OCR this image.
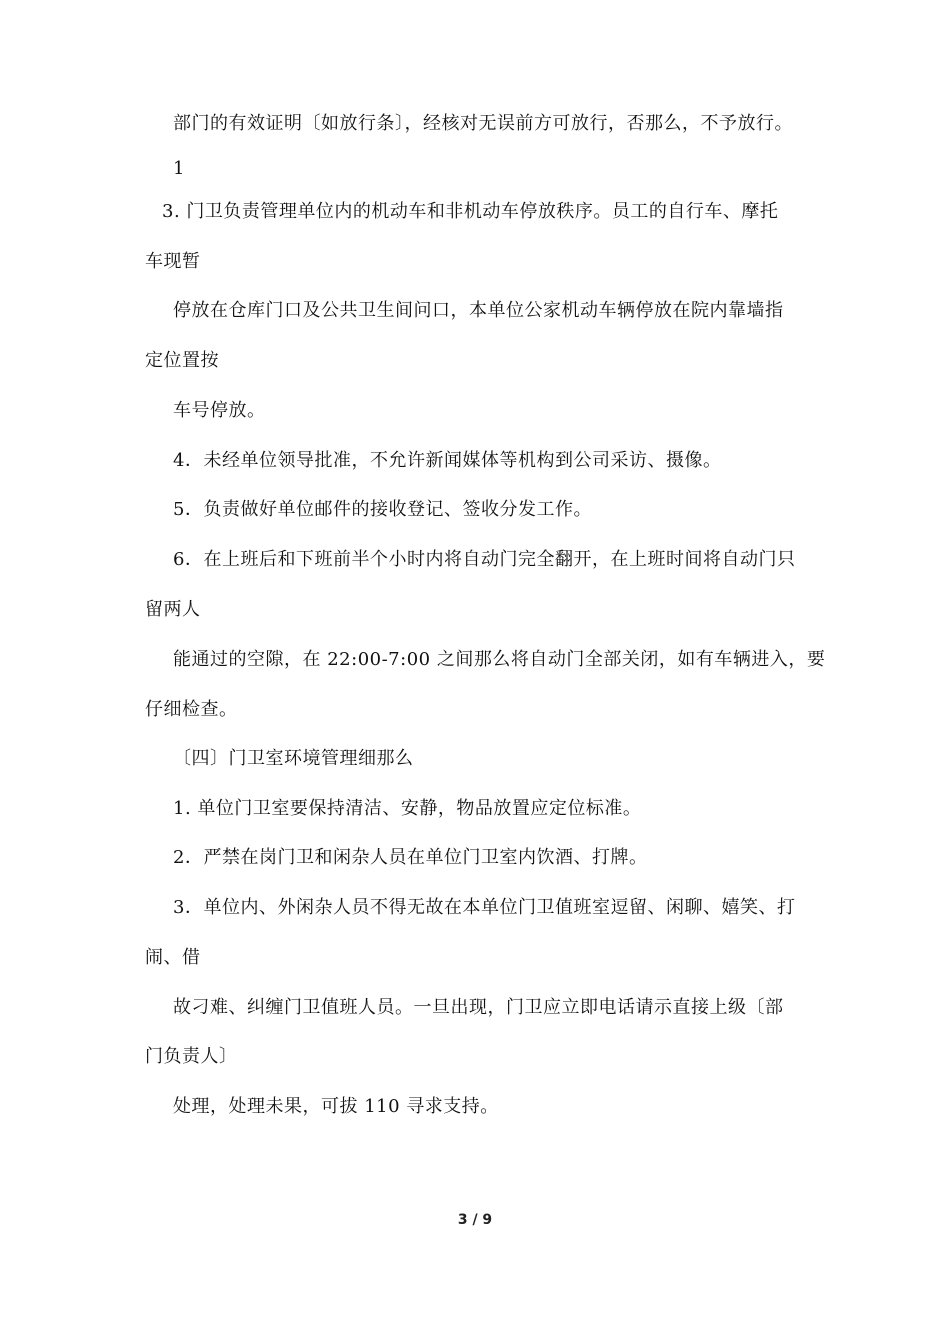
部门的有效证明〔如放行条〕，经核对无误前方可放行，否那么，不予放行。
1
3. 门卫负责管理单位内的机动车和非机动车停放秩序。员工的自行车、摩托
车现暂
停放在仓库门口及公共卫生间问口，本单位公家机动车辆停放在院内靠墙指
定位置按
车号停放。
4．未经单位领导批准，不允许新闻媒体等机构到公司采访、摄像。
5．负责做好单位邮件的接收登记、签收分发工作。
6．在上班后和下班前半个小时内将自动门完全翻开，在上班时间将自动门只
留两人
能通过的空隙，在 22:00-7:00 之间那么将自动门全部关闭，如有车辆进入，要
仔细检查。
〔四〕门卫室环境管理细那么
1. 单位门卫室要保持清洁、安静，物品放置应定位标准。
2．严禁在岗门卫和闲杂人员在单位门卫室内饮酒、打牌。
3．单位内、外闲杂人员不得无故在本单位门卫值班室逗留、闲聊、嬉笑、打
闹、借
故刁难、纠缠门卫值班人员。一旦出现，门卫应立即电话请示直接上级〔部
门负责人〕
处理，处理未果，可拔 110 寻求支持。
3 / 9
